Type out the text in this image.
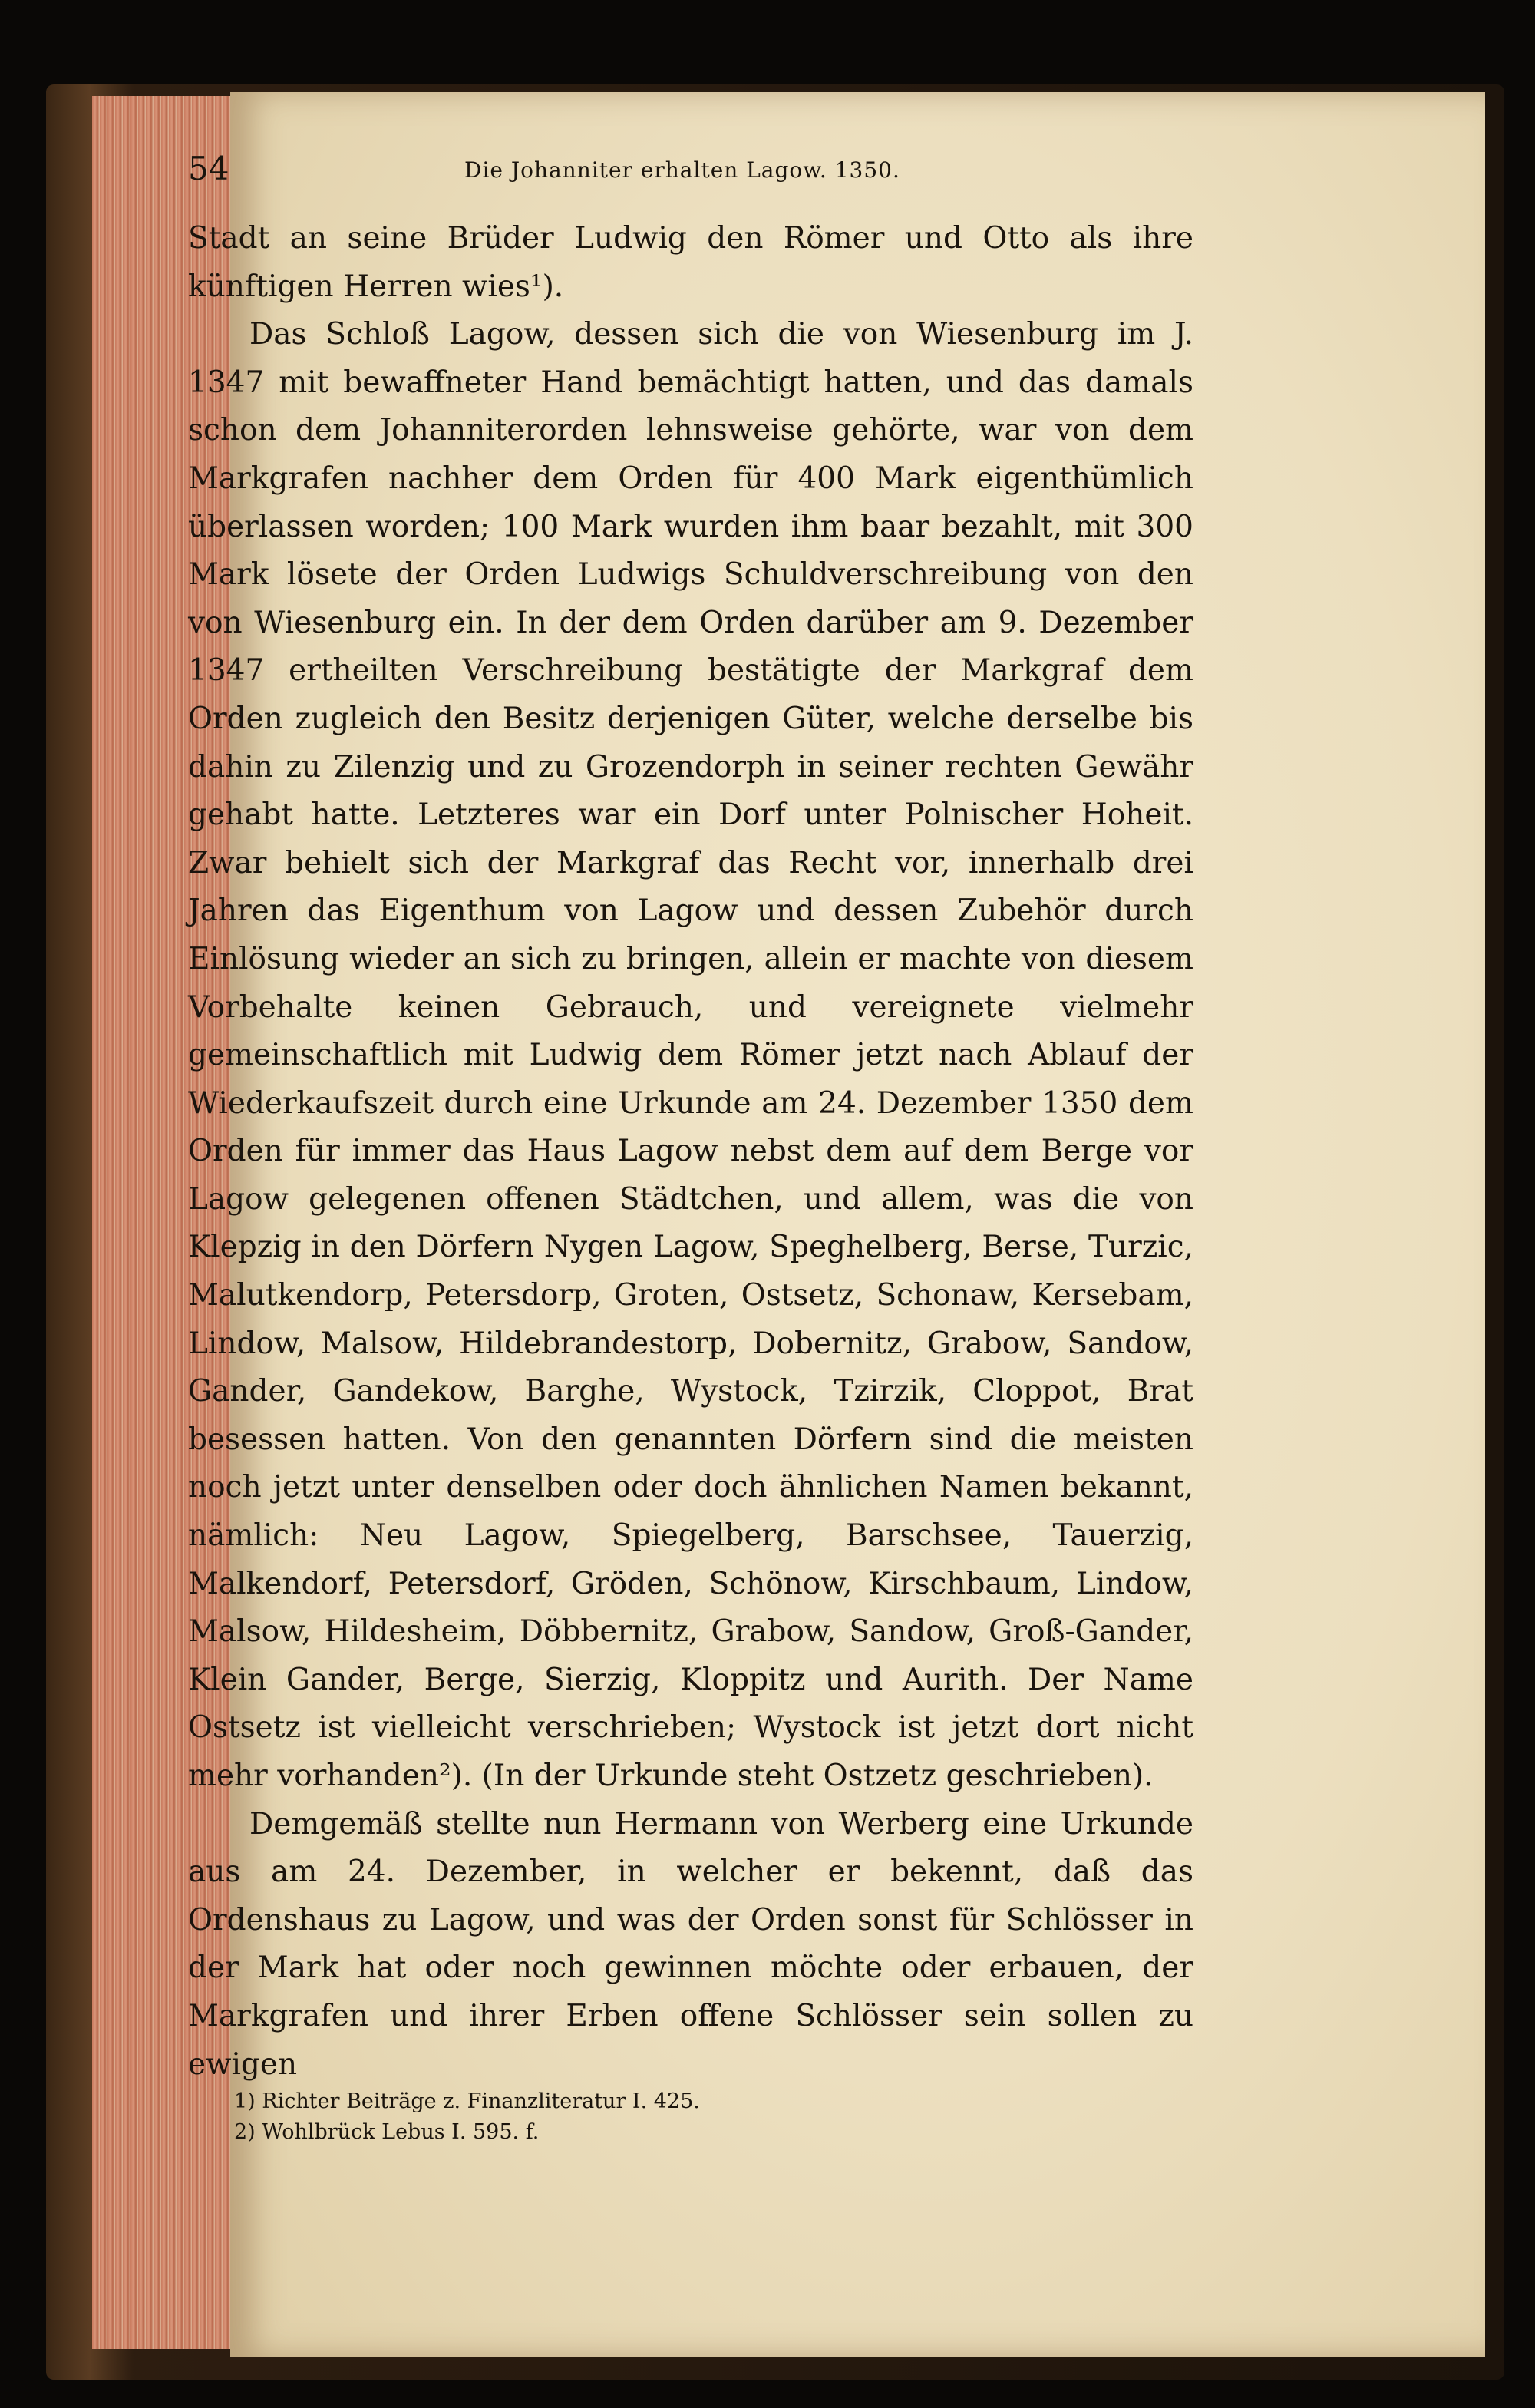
54	Die Johanniter erhalten Lagow. 1350.

Stadt an seine Brüder Ludwig den Römer und Otto als ihre künftigen Herren wies¹).

Das Schloß Lagow, dessen sich die von Wiesenburg im J. 1347 mit bewaffneter Hand bemächtigt hatten, und das damals schon dem Johanniterorden lehnsweise gehörte, war von dem Markgrafen nachher dem Orden für 400 Mark eigenthümlich überlassen worden; 100 Mark wurden ihm baar bezahlt, mit 300 Mark lösete der Orden Ludwigs Schuldverschreibung von den von Wiesenburg ein. In der dem Orden darüber am 9. Dezember 1347 ertheilten Verschreibung bestätigte der Markgraf dem Orden zugleich den Besitz derjenigen Güter, welche derselbe bis dahin zu Zilenzig und zu Grozendorph in seiner rechten Gewähr gehabt hatte. Letzteres war ein Dorf unter Polnischer Hoheit. Zwar behielt sich der Markgraf das Recht vor, innerhalb drei Jahren das Eigenthum von Lagow und dessen Zubehör durch Einlösung wieder an sich zu bringen, allein er machte von diesem Vorbehalte keinen Gebrauch, und vereignete vielmehr gemeinschaftlich mit Ludwig dem Römer jetzt nach Ablauf der Wiederkaufszeit durch eine Urkunde am 24. Dezember 1350 dem Orden für immer das Haus Lagow nebst dem auf dem Berge vor Lagow gelegenen offenen Städtchen, und allem, was die von Klepzig in den Dörfern Nygen Lagow, Speghelberg, Berse, Turzic, Malutkendorp, Petersdorp, Groten, Ostsetz, Schonaw, Kersebam, Lindow, Malsow, Hildebrandestorp, Dobernitz, Grabow, Sandow, Gander, Gandekow, Barghe, Wystock, Tzirzik, Cloppot, Brat besessen hatten. Von den genannten Dörfern sind die meisten noch jetzt unter denselben oder doch ähnlichen Namen bekannt, nämlich: Neu Lagow, Spiegelberg, Barschsee, Tauerzig, Malkendorf, Petersdorf, Gröden, Schönow, Kirschbaum, Lindow, Malsow, Hildesheim, Döbbernitz, Grabow, Sandow, Groß-Gander, Klein Gander, Berge, Sierzig, Kloppitz und Aurith. Der Name Ostsetz ist vielleicht verschrieben; Wystock ist jetzt dort nicht mehr vorhanden²). (In der Urkunde steht Ostzetz geschrieben).

Demgemäß stellte nun Hermann von Werberg eine Urkunde aus am 24. Dezember, in welcher er bekennt, daß das Ordenshaus zu Lagow, und was der Orden sonst für Schlösser in der Mark hat oder noch gewinnen möchte oder erbauen, der Markgrafen und ihrer Erben offene Schlösser sein sollen zu ewigen

1) Richter Beiträge z. Finanzliteratur I. 425.

2) Wohlbrück Lebus I. 595. f.
